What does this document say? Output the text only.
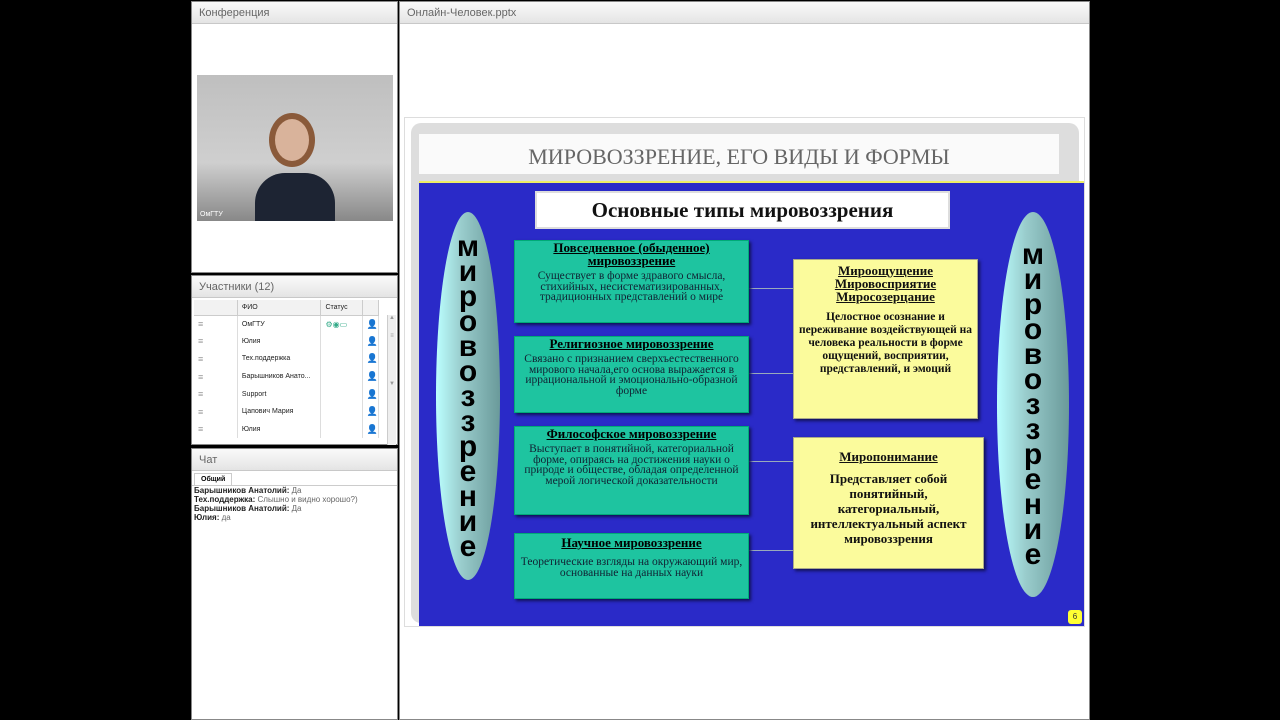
Конференция
ОмГТУ
Участники (12)
	ФИО	Статус	
≡	ОмГТУ	⚙◉▭	👤
≡	Юлия		👤
≡	Тех.поддержка		👤
≡	Барышников Анато...		👤
≡	Support		👤
≡	Цапович Мария		👤
≡	Юлия		👤
▲

≡

▼
Чат
Общий
Барышников Анатолий: Да
Тех.поддержка: Слышно и видно хорошо?)
Барышников Анатолий: Да
Юлия: да
Онлайн-Человек.pptx
МИРОВОЗЗРЕНИЕ, ЕГО ВИДЫ И ФОРМЫ
Основные типы мировоззрения
м
и
р
о
в
о
з
з
р
е
н
и
е
м
и
р
о
в
о
з
з
р
е
н
и
е
Повседневное (обыденное) мировоззрение
Существует в форме здравого смысла, стихийных, несистематизированных, традиционных представлений о мире
Религиозное мировоззрение
Связано с признанием сверхъестественного мирового начала,его основа выражается в иррациональной и эмоционально-образной форме
Философское мировоззрение
Выступает в понятийной, категориальной форме, опираясь на достижения науки о природе и обществе, обладая определенной мерой логической доказательности
Научное мировоззрение
Теоретические взгляды на окружающий мир, основанные на данных науки
Мироощущение Мировосприятие Миросозерцание
Целостное осознание и переживание воздействующей на человека реальности в форме ощущений, восприятии, представлений, и эмоций
Миропонимание
Представляет собой понятийный, категориальный, интеллектуальный аспект мировоззрения
6
